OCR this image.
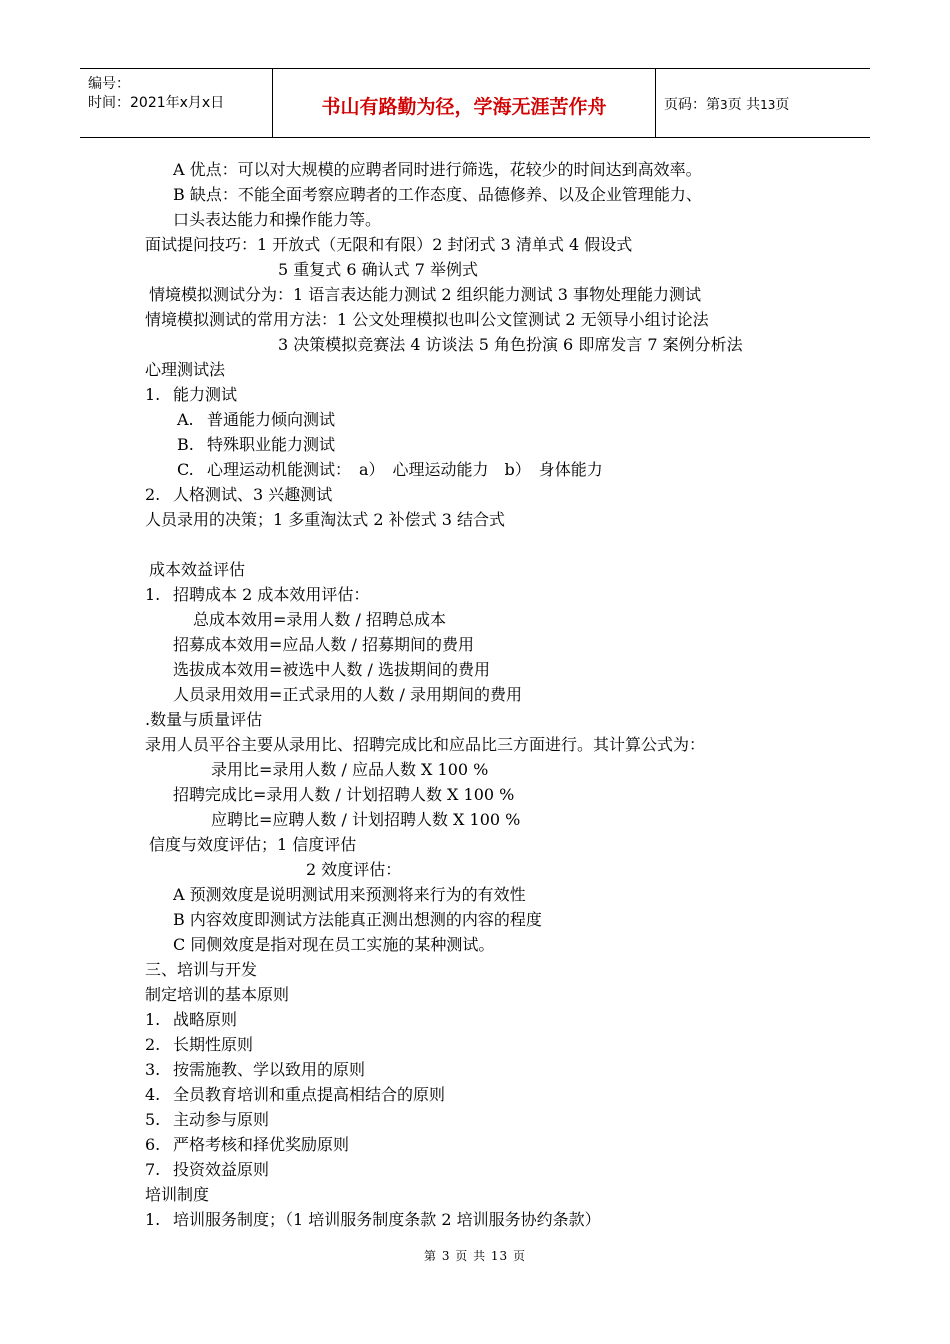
编号：
时间：2021年x月x日	书山有路勤为径，学海无涯苦作舟	页码：第3页 共13页
A 优点：可以对大规模的应聘者同时进行筛选，花较少的时间达到高效率。
B 缺点：不能全面考察应聘者的工作态度、品德修养、以及企业管理能力、
口头表达能力和操作能力等。
面试提问技巧：1 开放式（无限和有限）2 封闭式 3 清单式 4 假设式
5 重复式 6 确认式 7 举例式
情境模拟测试分为：1 语言表达能力测试 2 组织能力测试 3 事物处理能力测试
情境模拟测试的常用方法：1 公文处理模拟也叫公文筐测试 2 无领导小组讨论法
3 决策模拟竞赛法 4 访谈法 5 角色扮演 6 即席发言 7 案例分析法
心理测试法
1. 能力测试
A. 普通能力倾向测试
B. 特殊职业能力测试
C. 心理运动机能测试：　a）　心理运动能力　b）　身体能力
2. 人格测试、3 兴趣测试
人员录用的决策；1 多重淘汰式 2 补偿式 3 结合式
成本效益评估
1. 招聘成本 2 成本效用评估：
总成本效用=录用人数 / 招聘总成本
招募成本效用=应品人数 / 招募期间的费用
选拔成本效用=被选中人数 / 选拔期间的费用
人员录用效用=正式录用的人数 / 录用期间的费用
.数量与质量评估
录用人员平谷主要从录用比、招聘完成比和应品比三方面进行。其计算公式为：
录用比=录用人数 / 应品人数 X 100 %
招聘完成比=录用人数 / 计划招聘人数 X 100 %
应聘比=应聘人数 / 计划招聘人数 X 100 %
信度与效度评估；1 信度评估
2 效度评估：
A 预测效度是说明测试用来预测将来行为的有效性
B 内容效度即测试方法能真正测出想测的内容的程度
C 同侧效度是指对现在员工实施的某种测试。
三、培训与开发
制定培训的基本原则
1. 战略原则
2. 长期性原则
3. 按需施教、学以致用的原则
4. 全员教育培训和重点提高相结合的原则
5. 主动参与原则
6. 严格考核和择优奖励原则
7. 投资效益原则
培训制度
1. 培训服务制度；（1 培训服务制度条款 2 培训服务协约条款）
第 3 页 共 13 页
